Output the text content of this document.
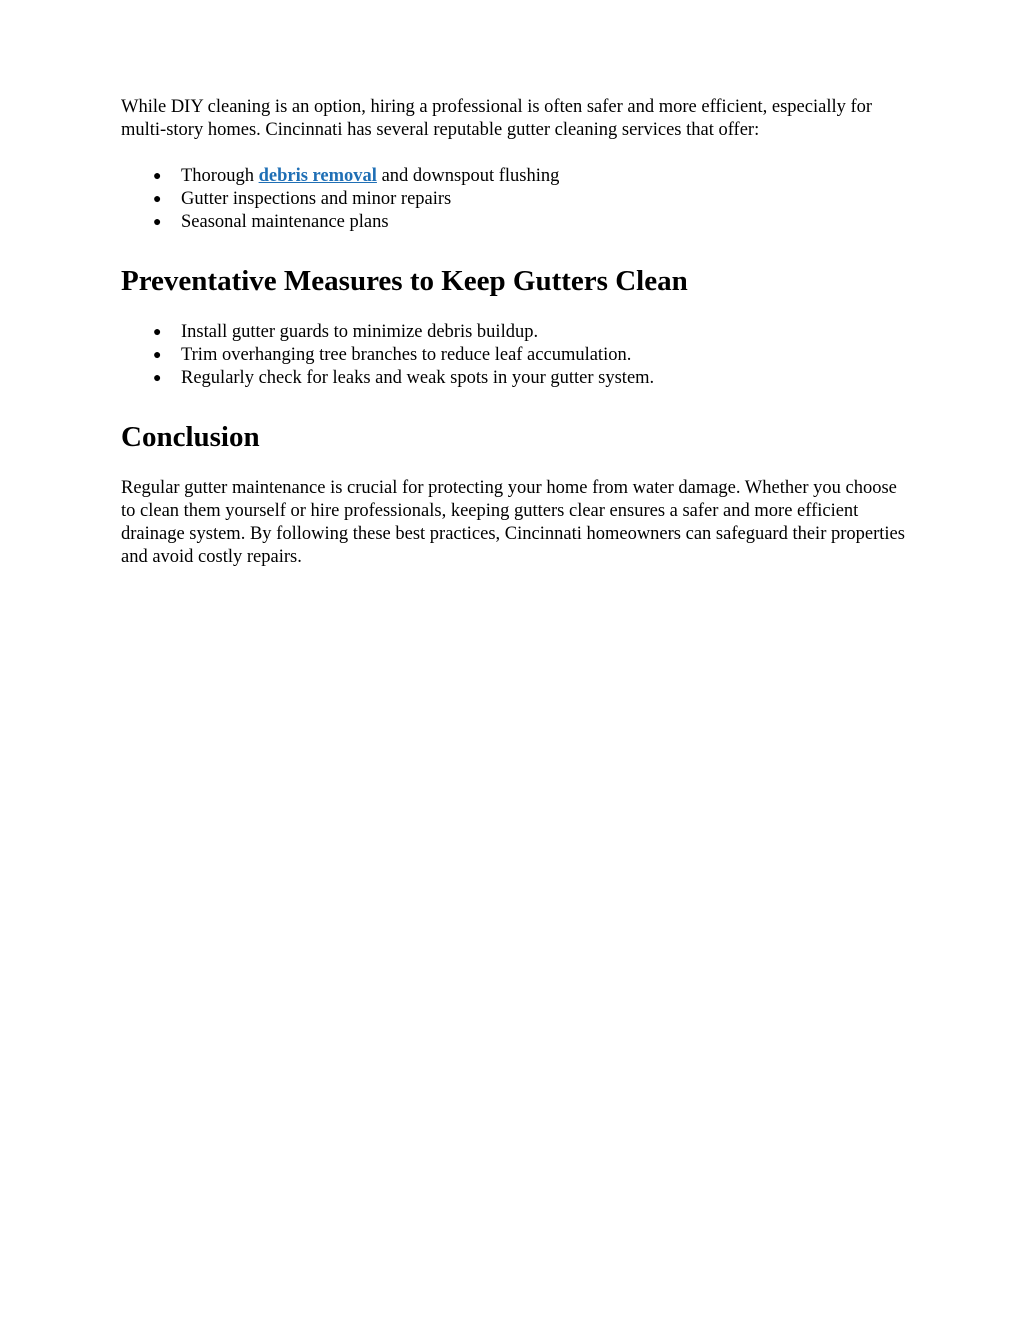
While DIY cleaning is an option, hiring a professional is often safer and more efficient, especially for multi-story homes. Cincinnati has several reputable gutter cleaning services that offer:

● Thorough debris removal and downspout flushing
● Gutter inspections and minor repairs
● Seasonal maintenance plans
Preventative Measures to Keep Gutters Clean
● Install gutter guards to minimize debris buildup.
● Trim overhanging tree branches to reduce leaf accumulation.
● Regularly check for leaks and weak spots in your gutter system.
Conclusion

Regular gutter maintenance is crucial for protecting your home from water damage. Whether you choose to clean them yourself or hire professionals, keeping gutters clear ensures a safer and more efficient drainage system. By following these best practices, Cincinnati homeowners can safeguard their properties and avoid costly repairs.
